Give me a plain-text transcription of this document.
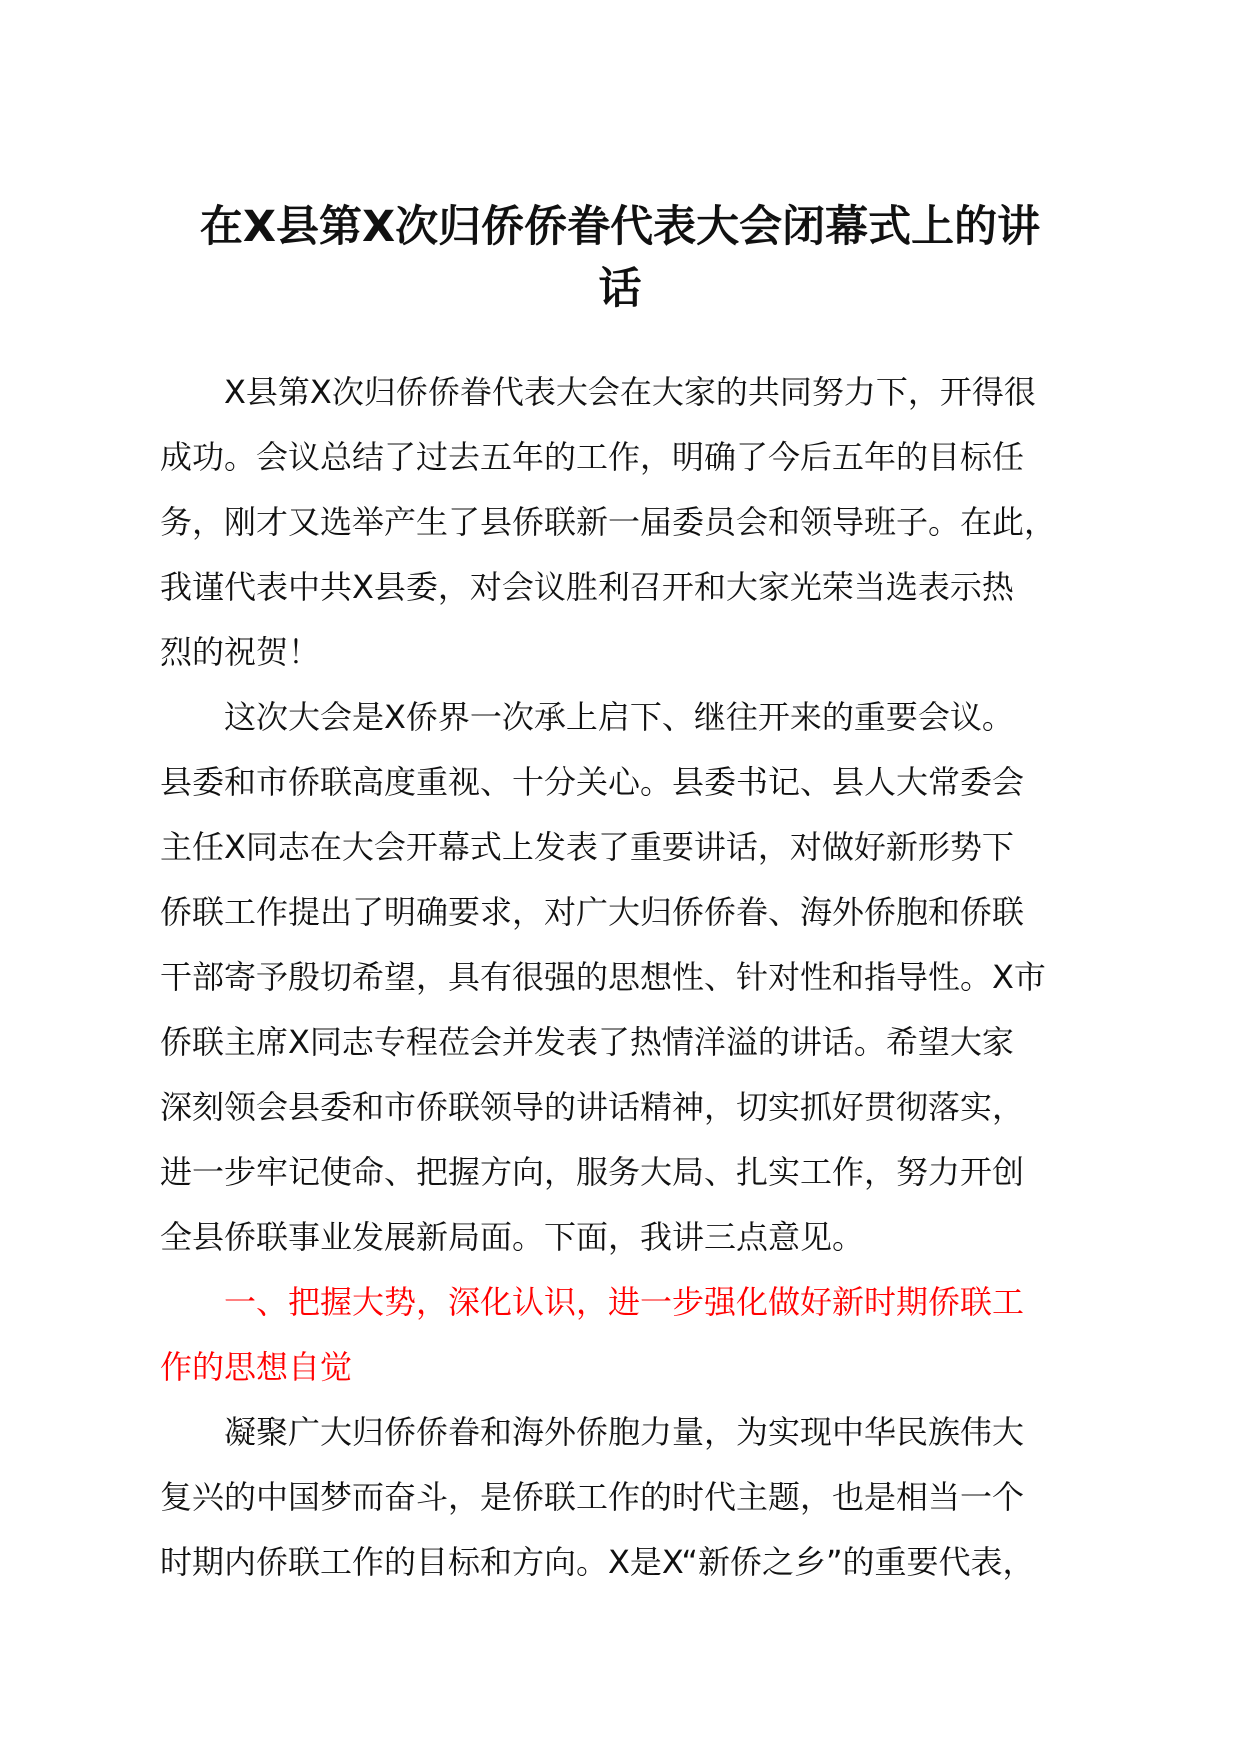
在X县第X次归侨侨眷代表大会闭幕式上的讲
话

　　X县第X次归侨侨眷代表大会在大家的共同努力下，开得很
成功。会议总结了过去五年的工作，明确了今后五年的目标任
务，刚才又选举产生了县侨联新一届委员会和领导班子。在此，
我谨代表中共X县委，对会议胜利召开和大家光荣当选表示热
烈的祝贺！

　　这次大会是X侨界一次承上启下、继往开来的重要会议。
县委和市侨联高度重视、十分关心。县委书记、县人大常委会
主任X同志在大会开幕式上发表了重要讲话，对做好新形势下
侨联工作提出了明确要求，对广大归侨侨眷、海外侨胞和侨联
干部寄予殷切希望，具有很强的思想性、针对性和指导性。X市
侨联主席X同志专程莅会并发表了热情洋溢的讲话。希望大家
深刻领会县委和市侨联领导的讲话精神，切实抓好贯彻落实，
进一步牢记使命、把握方向，服务大局、扎实工作，努力开创
全县侨联事业发展新局面。下面，我讲三点意见。

　　一、把握大势，深化认识，进一步强化做好新时期侨联工
作的思想自觉

　　凝聚广大归侨侨眷和海外侨胞力量，为实现中华民族伟大
复兴的中国梦而奋斗，是侨联工作的时代主题，也是相当一个
时期内侨联工作的目标和方向。X是X“新侨之乡”的重要代表，
